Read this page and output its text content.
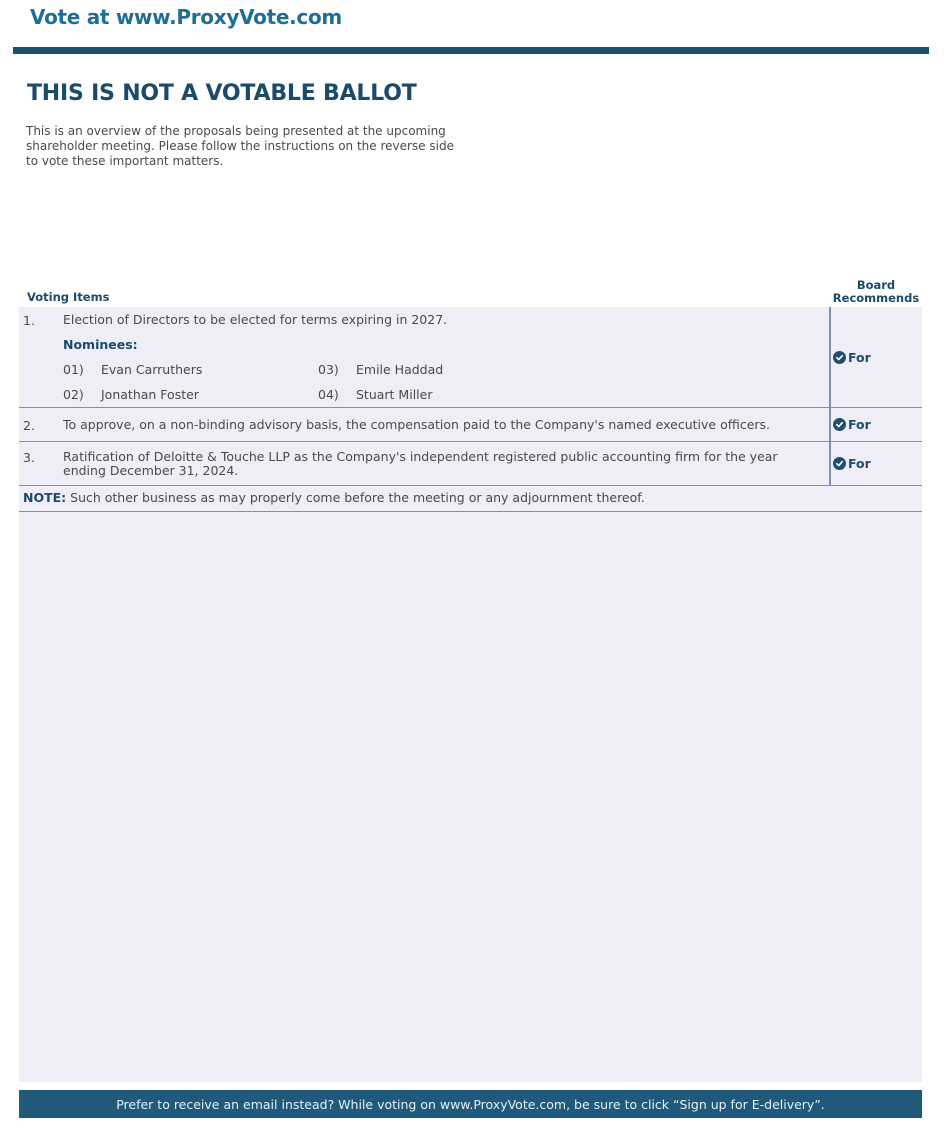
Vote at www.ProxyVote.com
THIS IS NOT A VOTABLE BALLOT

This is an overview of the proposals being presented at the upcoming shareholder meeting. Please follow the instructions on the reverse side to vote these important matters.

Voting Items
Board
Recommends
1. Election of Directors to be elected for terms expiring in 2027.
Nominees:
01) Evan Carruthers
02) Jonathan Foster
03) Emile Haddad
04) Stuart Miller
For
2. To approve, on a non-binding advisory basis, the compensation paid to the Company's named executive officers.	For
3. Ratification of Deloitte & Touche LLP as the Company's independent registered public accounting firm for the year
ending December 31, 2024.	For
NOTE: Such other business as may properly come before the meeting or any adjournment thereof.
Prefer to receive an email instead? While voting on www.ProxyVote.com, be sure to click “Sign up for E-delivery”.
